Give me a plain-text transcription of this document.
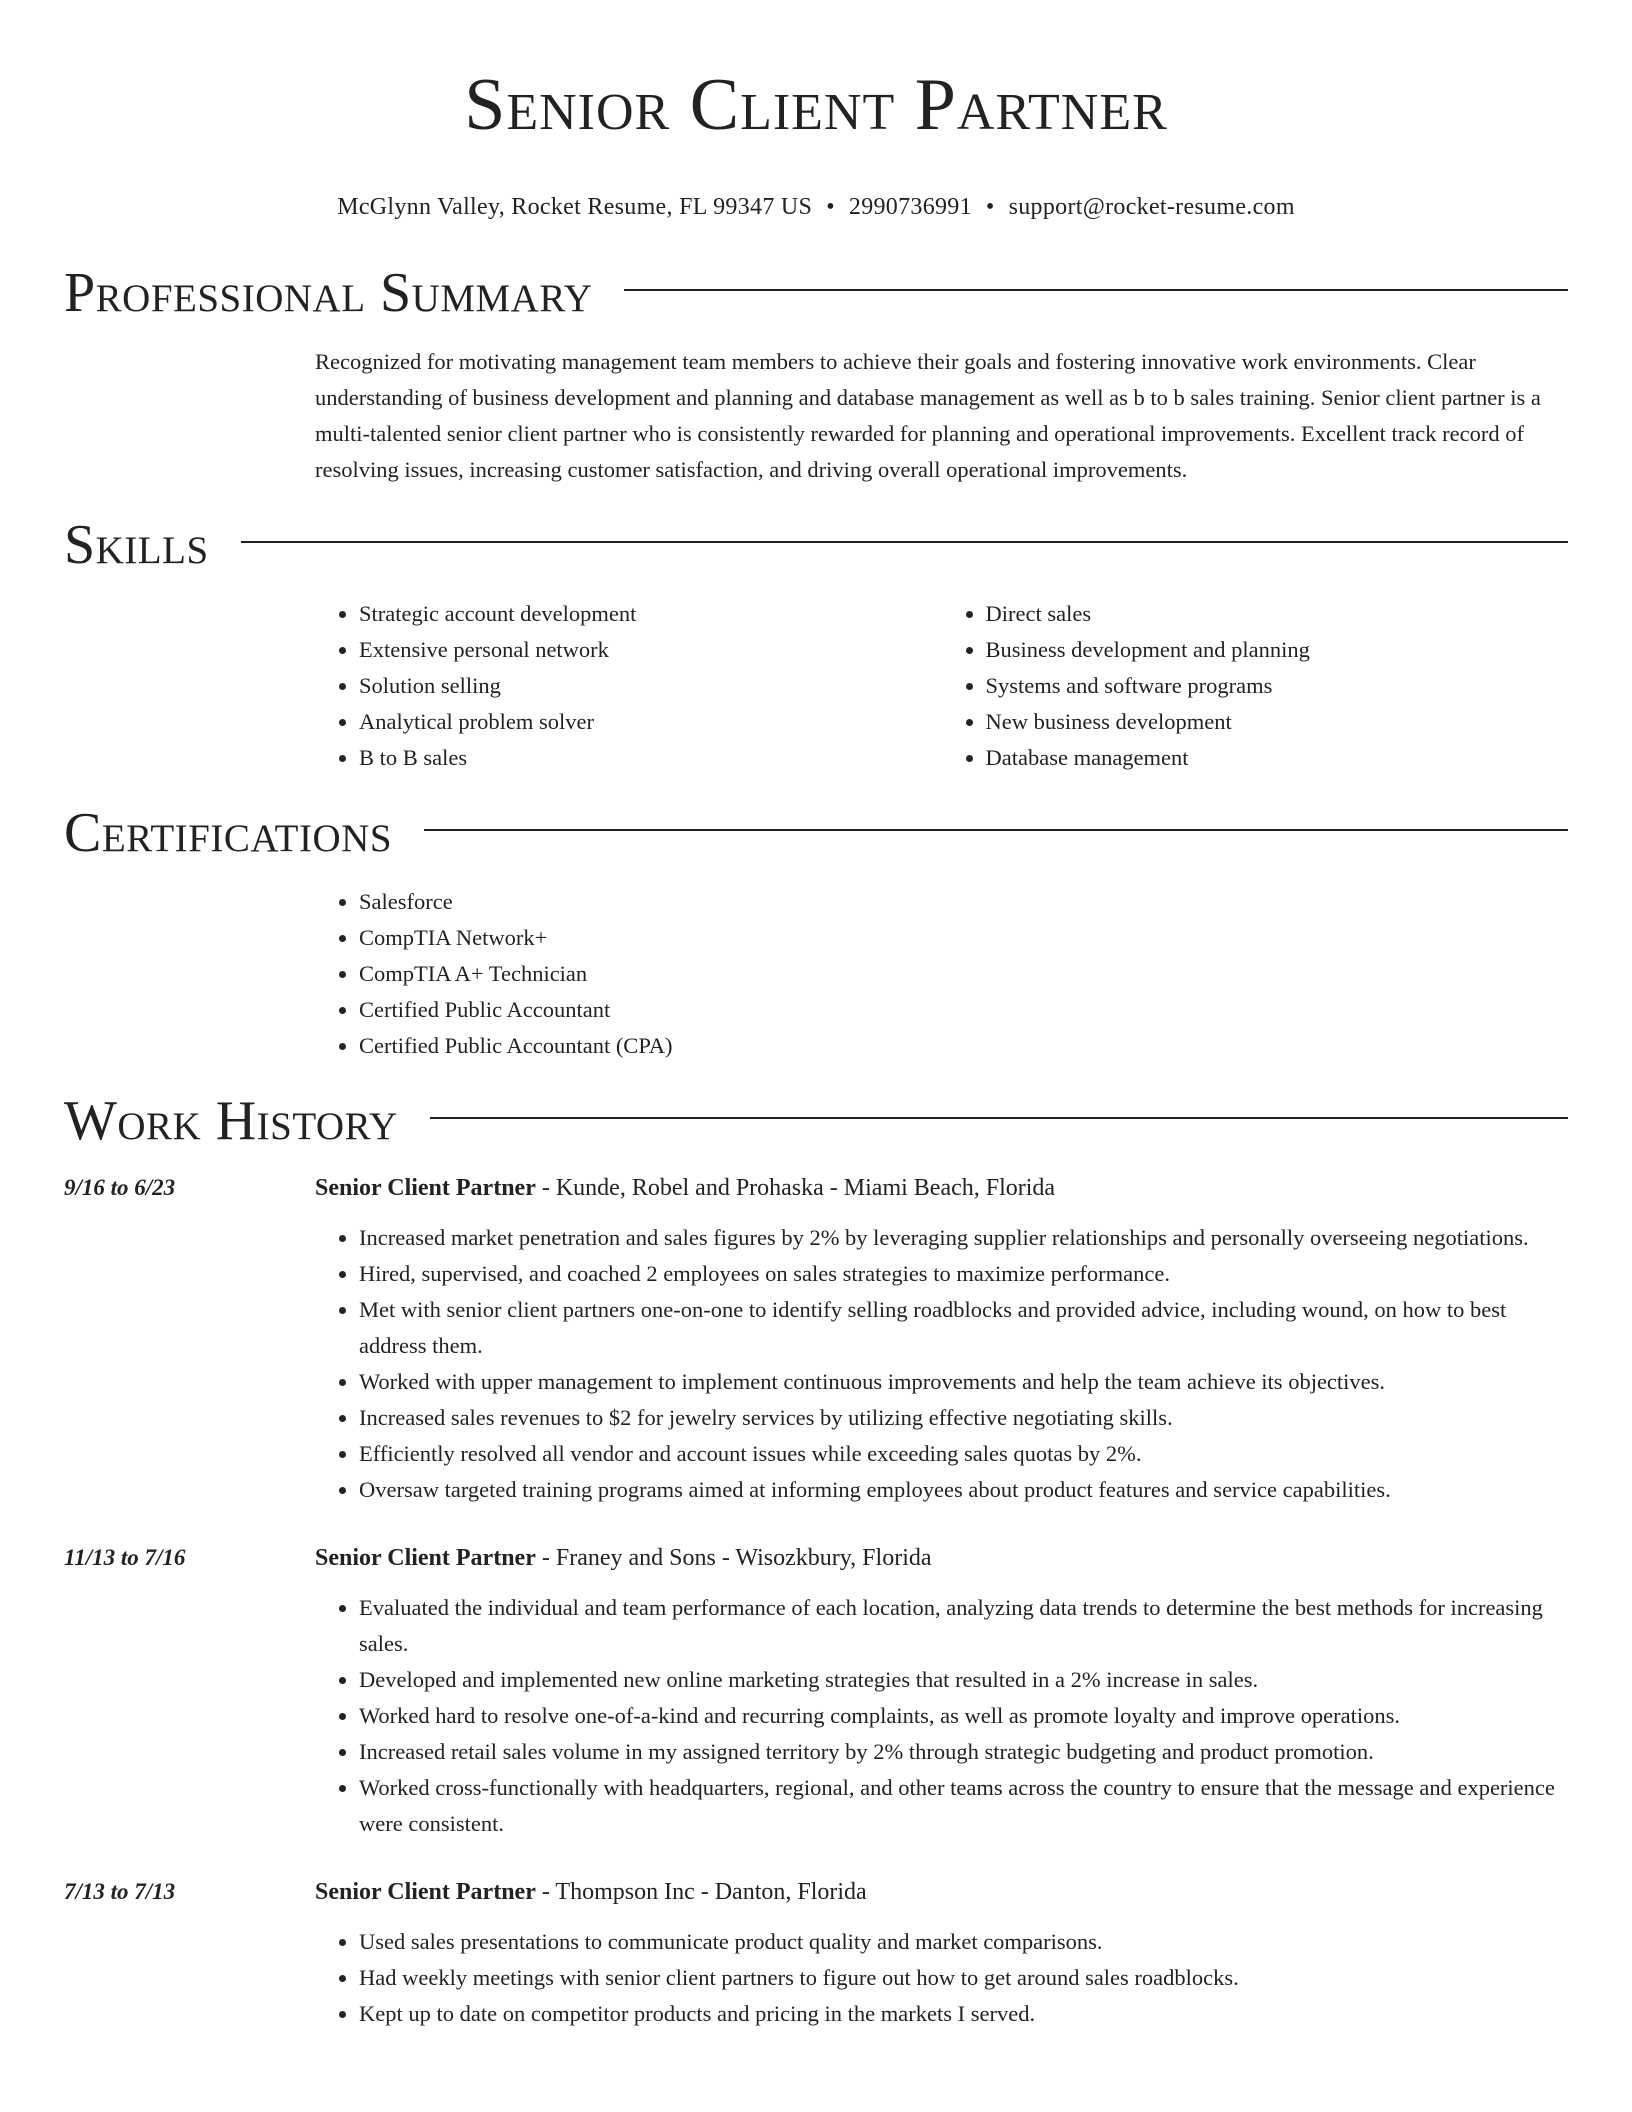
Senior Client Partner
McGlynn Valley, Rocket Resume, FL 99347 US • 2990736991 • support@rocket-resume.com
Professional Summary

Recognized for motivating management team members to achieve their goals and fostering innovative work environments. Clear understanding of business development and planning and database management as well as b to b sales training. Senior client partner is a multi-talented senior client partner who is consistently rewarded for planning and operational improvements. Excellent track record of resolving issues, increasing customer satisfaction, and driving overall operational improvements.

Skills
• Strategic account development
• Extensive personal network
• Solution selling
• Analytical problem solver
• B to B sales
• Direct sales
• Business development and planning
• Systems and software programs
• New business development
• Database management
Certifications
• Salesforce
• CompTIA Network+
• CompTIA A+ Technician
• Certified Public Accountant
• Certified Public Accountant (CPA)
Work History
9/16 to 6/23	Senior Client Partner - Kunde, Robel and Prohaska - Miami Beach, Florida
• Increased market penetration and sales figures by 2% by leveraging supplier relationships and personally overseeing negotiations.
• Hired, supervised, and coached 2 employees on sales strategies to maximize performance.
• Met with senior client partners one-on-one to identify selling roadblocks and provided advice, including wound, on how to best address them.
• Worked with upper management to implement continuous improvements and help the team achieve its objectives.
• Increased sales revenues to $2 for jewelry services by utilizing effective negotiating skills.
• Efficiently resolved all vendor and account issues while exceeding sales quotas by 2%.
• Oversaw targeted training programs aimed at informing employees about product features and service capabilities.
11/13 to 7/16	Senior Client Partner - Franey and Sons - Wisozkbury, Florida
• Evaluated the individual and team performance of each location, analyzing data trends to determine the best methods for increasing sales.
• Developed and implemented new online marketing strategies that resulted in a 2% increase in sales.
• Worked hard to resolve one-of-a-kind and recurring complaints, as well as promote loyalty and improve operations.
• Increased retail sales volume in my assigned territory by 2% through strategic budgeting and product promotion.
• Worked cross-functionally with headquarters, regional, and other teams across the country to ensure that the message and experience were consistent.
7/13 to 7/13	Senior Client Partner - Thompson Inc - Danton, Florida
• Used sales presentations to communicate product quality and market comparisons.
• Had weekly meetings with senior client partners to figure out how to get around sales roadblocks.
• Kept up to date on competitor products and pricing in the markets I served.
